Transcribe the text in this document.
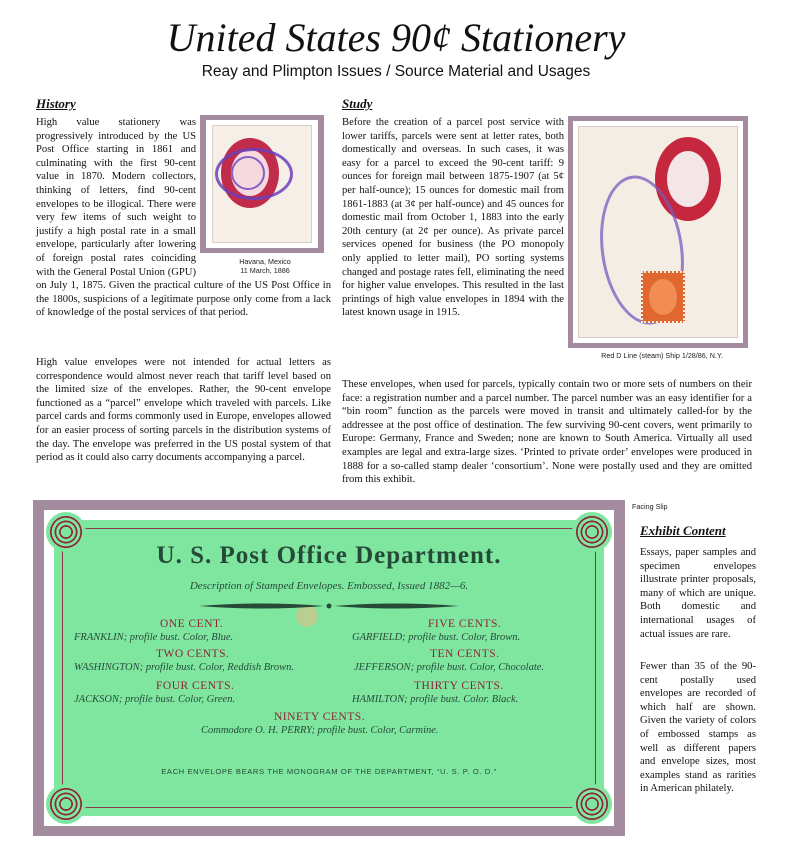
United States 90¢ Stationery
Reay and Plimpton Issues / Source Material and Usages
History
High value stationery was progressively introduced by the US Post Office starting in 1861 and culminating with the first 90-cent value in 1870. Modern collectors, thinking of letters, find 90-cent envelopes to be illogical. There were very few items of such weight to justify a high postal rate in a small envelope, particularly after lowering of foreign postal rates coinciding with the General Postal Union (GPU) on July 1, 1875. Given the practical culture of the US Post Office in the 1800s, suspicions of a legitimate purpose only come from a lack of knowledge of the postal services of that period.
Havana, Mexico
11 March, 1886
High value envelopes were not intended for actual letters as correspondence would almost never reach that tariff level based on the limited size of the envelopes. Rather, the 90-cent envelope functioned as a “parcel” envelope which traveled with parcels. Like parcel cards and forms commonly used in Europe, envelopes allowed for an easier process of sorting parcels in the distribution systems of the day. The envelope was preferred in the US postal system of that period as it could also carry documents accompanying a parcel.
Study
Before the creation of a parcel post service with lower tariffs, parcels were sent at letter rates, both domestically and overseas. In such cases, it was easy for a parcel to exceed the 90-cent tariff: 9 ounces for foreign mail between 1875-1907 (at 5¢ per half-ounce); 15 ounces for domestic mail from 1861-1883 (at 3¢ per half-ounce) and 45 ounces for domestic mail from October 1, 1883 into the early 20th century (at 2¢ per ounce). As private parcel services opened for business (the PO monopoly only applied to letter mail), PO sorting systems changed and postage rates fell, eliminating the need for higher value envelopes. This resulted in the last printings of high value envelopes in 1894 with the latest known usage in 1915.
Red D Line (steam) Ship 1/28/86, N.Y.
These envelopes, when used for parcels, typically contain two or more sets of numbers on their face: a registration number and a parcel number. The parcel number was an easy identifier for a “bin room” function as the parcels were moved in transit and ultimately called-for by the addressee at the post office of destination. The few surviving 90-cent covers, went primarily to Europe: Germany, France and Sweden; none are known to South America. Virtually all used examples are legal and extra-large sizes. ‘Printed to private order’ envelopes were produced in 1888 for a so-called stamp dealer ‘consortium’. None were postally used and they are omitted from this exhibit.
Facing Slip
U. S. Post Office Department.
Description of Stamped Envelopes. Embossed, Issued 1882—6.
ONE CENT.
FRANKLIN; profile bust. Color, Blue.
FIVE CENTS.
GARFIELD; profile bust. Color, Brown.
TWO CENTS.
WASHINGTON; profile bust. Color, Reddish Brown.
TEN CENTS.
JEFFERSON; profile bust. Color, Chocolate.
FOUR CENTS.
JACKSON; profile bust. Color, Green.
THIRTY CENTS.
HAMILTON; profile bust. Color. Black.
NINETY CENTS.
Commodore O. H. PERRY; profile bust. Color, Carmine.
EACH ENVELOPE BEARS THE MONOGRAM OF THE DEPARTMENT, “U. S. P. O. D.”
Exhibit Content
Essays, paper samples and specimen envelopes illustrate printer proposals, many of which are unique. Both domestic and international usages of actual issues are rare.
Fewer than 35 of the 90-cent postally used envelopes are recorded of which half are shown. Given the variety of colors of embossed stamps as well as different papers and envelope sizes, most examples stand as rarities in American philately.
